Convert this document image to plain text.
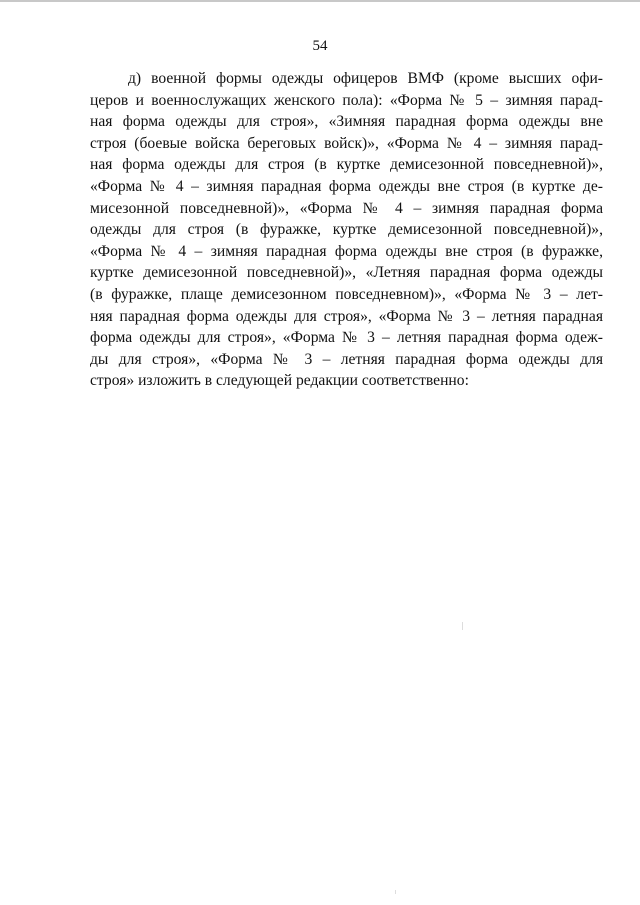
54
д) военной формы одежды офицеров ВМФ (кроме высших офи-
церов и военнослужащих женского пола): «Форма № 5 – зимняя парад-
ная форма одежды для строя», «Зимняя парадная форма одежды вне
строя (боевые войска береговых войск)», «Форма № 4 – зимняя парад-
ная форма одежды для строя (в куртке демисезонной повседневной)»,
«Форма № 4 – зимняя парадная форма одежды вне строя (в куртке де-
мисезонной повседневной)», «Форма № 4 – зимняя парадная форма
одежды для строя (в фуражке, куртке демисезонной повседневной)»,
«Форма № 4 – зимняя парадная форма одежды вне строя (в фуражке,
куртке демисезонной повседневной)», «Летняя парадная форма одежды
(в фуражке, плаще демисезонном повседневном)», «Форма № 3 – лет-
няя парадная форма одежды для строя», «Форма № 3 – летняя парадная
форма одежды для строя», «Форма № 3 – летняя парадная форма одеж-
ды для строя», «Форма № 3 – летняя парадная форма одежды для
строя» изложить в следующей редакции соответственно:
